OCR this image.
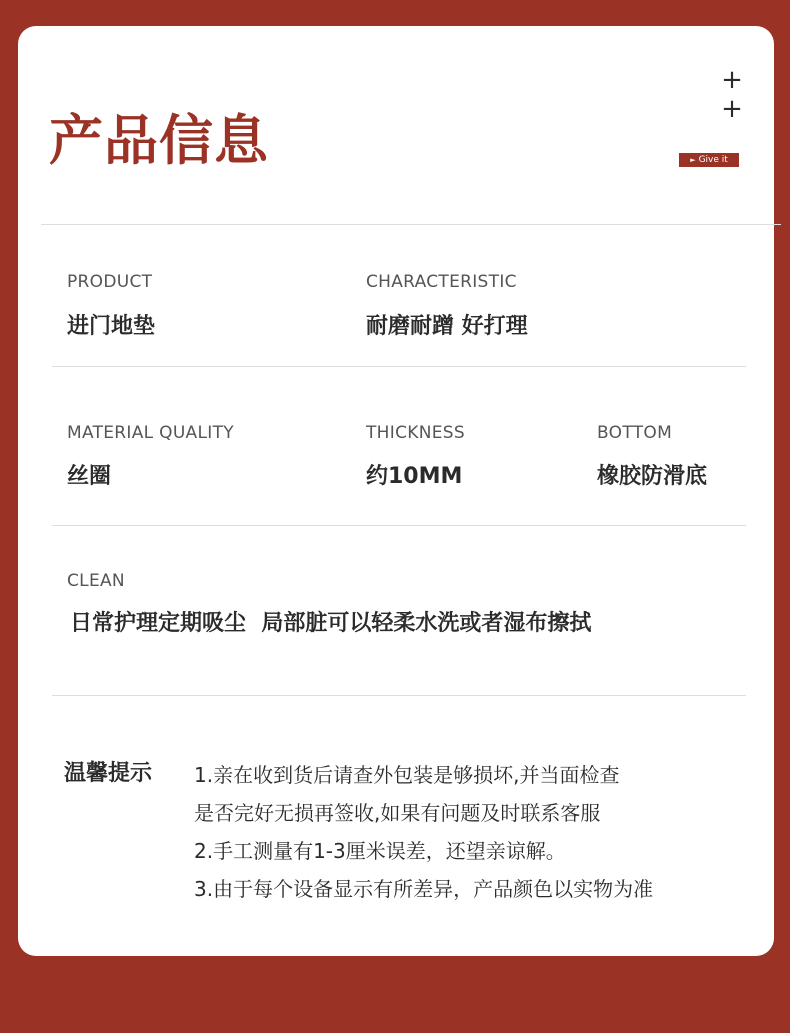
产品信息
+
+
► Give it
PRODUCT
进门地垫
CHARACTERISTIC
耐磨耐蹭 好打理
MATERIAL QUALITY
丝圈
THICKNESS
约10MM
BOTTOM
橡胶防滑底
CLEAN
日常护理定期吸尘  局部脏可以轻柔水洗或者湿布擦拭
温馨提示 1.亲在收到货后请查外包装是够损坏,并当面检查
是否完好无损再签收,如果有问题及时联系客服
2.手工测量有1-3厘米误差，还望亲谅解。
3.由于每个设备显示有所差异，产品颜色以实物为准
